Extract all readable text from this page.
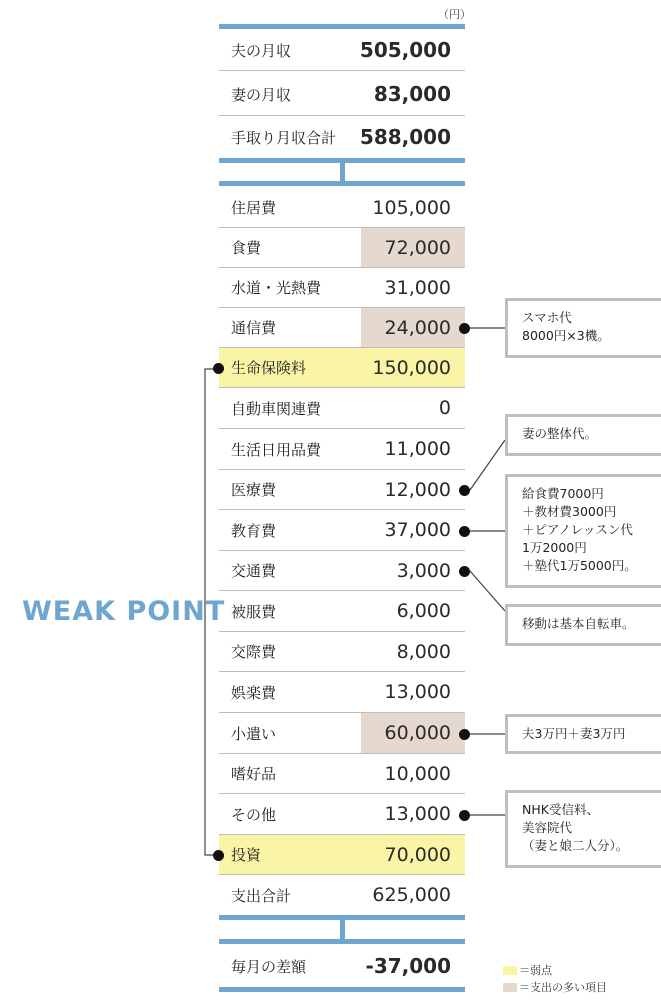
（円）
夫の月収	505,000
妻の月収	83,000
手取り月収合計	588,000
住居費	105,000
食費	72,000
水道・光熱費	31,000
通信費	24,000
生命保険料	150,000
自動車関連費	0
生活日用品費	11,000
医療費	12,000
教育費	37,000
交通費	3,000
被服費	6,000
交際費	8,000
娯楽費	13,000
小遣い	60,000
嗜好品	10,000
その他	13,000
投資	70,000
支出合計	625,000
毎月の差額	-37,000
WEAK POINT
スマホ代
8000円×3機。
妻の整体代。
給食費7000円
＋教材費3000円
＋ピアノレッスン代
1万2000円
＋塾代1万5000円。
移動は基本自転車。
夫3万円＋妻3万円
NHK受信料、
美容院代
（妻と娘二人分）。
＝弱点
＝支出の多い項目
